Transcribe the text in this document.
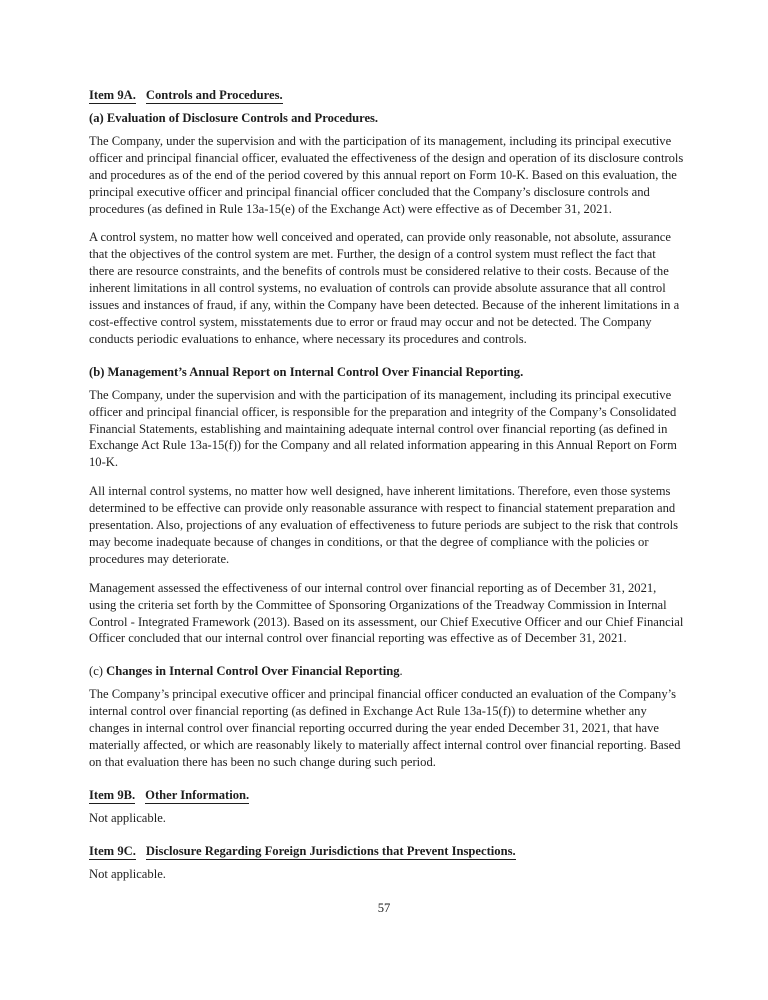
Item 9A. Controls and Procedures.

(a) Evaluation of Disclosure Controls and Procedures.

The Company, under the supervision and with the participation of its management, including its principal executive officer and principal financial officer, evaluated the effectiveness of the design and operation of its disclosure controls and procedures as of the end of the period covered by this annual report on Form 10-K. Based on this evaluation, the principal executive officer and principal financial officer concluded that the Company’s disclosure controls and procedures (as defined in Rule 13a-15(e) of the Exchange Act) were effective as of December 31, 2021.

A control system, no matter how well conceived and operated, can provide only reasonable, not absolute, assurance that the objectives of the control system are met. Further, the design of a control system must reflect the fact that there are resource constraints, and the benefits of controls must be considered relative to their costs. Because of the inherent limitations in all control systems, no evaluation of controls can provide absolute assurance that all control issues and instances of fraud, if any, within the Company have been detected. Because of the inherent limitations in a cost-effective control system, misstatements due to error or fraud may occur and not be detected. The Company conducts periodic evaluations to enhance, where necessary its procedures and controls.

(b) Management’s Annual Report on Internal Control Over Financial Reporting.

The Company, under the supervision and with the participation of its management, including its principal executive officer and principal financial officer, is responsible for the preparation and integrity of the Company’s Consolidated Financial Statements, establishing and maintaining adequate internal control over financial reporting (as defined in Exchange Act Rule 13a-15(f)) for the Company and all related information appearing in this Annual Report on Form 10-K.

All internal control systems, no matter how well designed, have inherent limitations. Therefore, even those systems determined to be effective can provide only reasonable assurance with respect to financial statement preparation and presentation. Also, projections of any evaluation of effectiveness to future periods are subject to the risk that controls may become inadequate because of changes in conditions, or that the degree of compliance with the policies or procedures may deteriorate.

Management assessed the effectiveness of our internal control over financial reporting as of December 31, 2021, using the criteria set forth by the Committee of Sponsoring Organizations of the Treadway Commission in Internal Control - Integrated Framework (2013). Based on its assessment, our Chief Executive Officer and our Chief Financial Officer concluded that our internal control over financial reporting was effective as of December 31, 2021.

(c) Changes in Internal Control Over Financial Reporting.

The Company’s principal executive officer and principal financial officer conducted an evaluation of the Company’s internal control over financial reporting (as defined in Exchange Act Rule 13a-15(f)) to determine whether any changes in internal control over financial reporting occurred during the year ended December 31, 2021, that have materially affected, or which are reasonably likely to materially affect internal control over financial reporting. Based on that evaluation there has been no such change during such period.

Item 9B. Other Information.

Not applicable.

Item 9C. Disclosure Regarding Foreign Jurisdictions that Prevent Inspections.

Not applicable.

57
